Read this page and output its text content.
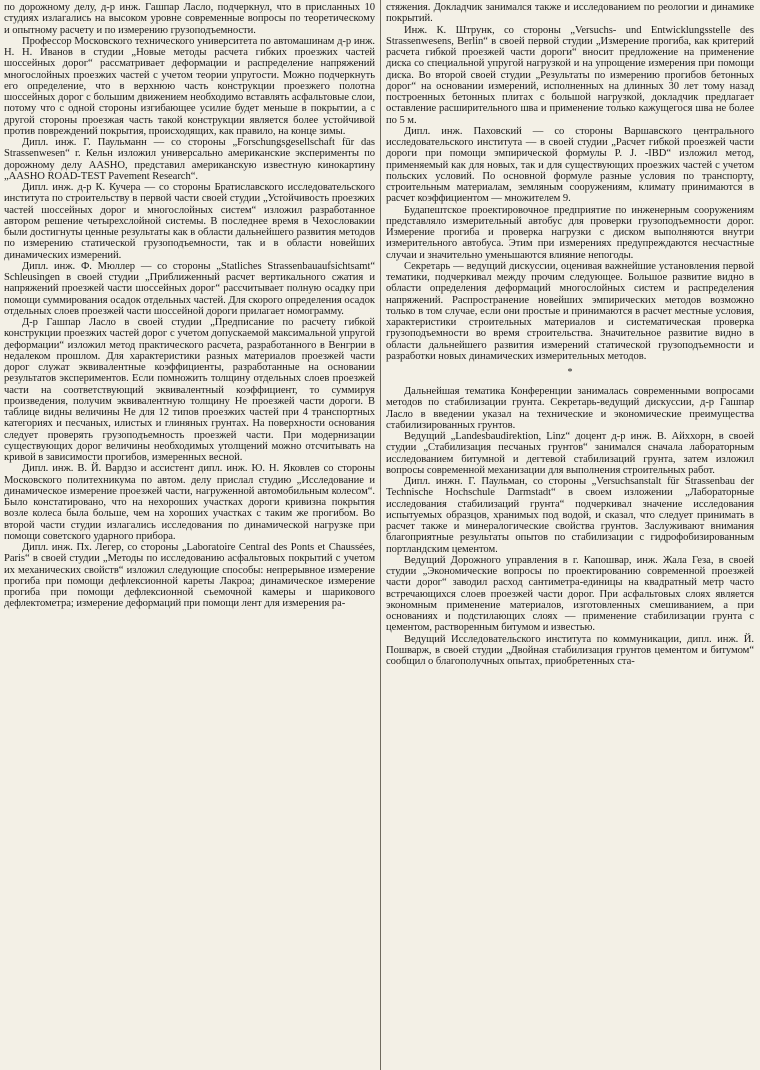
по дорожному делу, д-р инж. Гашпар Ласло, подчеркнул, что в присланных 10 студиях излагались на высоком уровне современные вопросы по теоретическому и опытному расчету и по измерению грузоподъемности.

Профессор Московского технического университета по автомашинам д-р инж. Н. Н. Иванов в студии „Новые методы расчета гибких проезжих частей шоссейных дорог“ рассматривает деформации и распределение напряжений многослойных проезжих частей с учетом теории упругости. Можно подчеркнуть его определение, что в верхнюю часть конструкции проезжего полотна шоссейных дорог с большим движением необходимо вставлять асфальтовые слои, потому что с одной стороны изгибающее усилие будет меньше в покрытии, а с другой стороны проезжая часть такой конструкции является более устойчивой против повреждений покрытия, происходящих, как правило, на конце зимы.

Дипл. инж. Г. Паульманн — со стороны „Forschungsgesellschaft für das Strassenwesen“ г. Кельн изложил универсально американские эксперименты по дорожному делу AASHO, представил американскую известную кинокартину „AASHO ROAD-TEST Pavement Research“.

Дипл. инж. д-р К. Кучера — со стороны Братиславского исследовательского института по строительству в первой части своей студии „Устойчивость проезжих частей шоссейных дорог и многослойных систем“ изложил разработанное автором решение четырехслойной системы. В последнее время в Чехословакии были достигнуты ценные результаты как в области дальнейшего развития методов по измерению статической грузоподъемности, так и в области новейших динамических измерений.

Дипл. инж. Ф. Мюллер — со стороны „Statliches Strassenbauaufsichtsamt“ Schleusingen в своей студии „Приближенный расчет вертикального сжатия и напряжений проезжей части шоссейных дорог“ рассчитывает полную осадку при помощи суммирования осадок отдельных частей. Для скорого определения осадок отдельных слоев проезжей части шоссейной дороги прилагает номограмму.

Д-р Гашпар Ласло в своей студии „Предписание по расчету гибкой конструкции проезжих частей дорог с учетом допускаемой максимальной упругой деформации“ изложил метод практического расчета, разработанного в Венгрии в недалеком прошлом. Для характеристики разных материалов проезжей части дорог служат эквивалентные коэффициенты, разработанные на основании результатов экспериментов. Если помножить толщину отдельных слоев проезжей части на соответствующий эквивалентный коэффициент, то суммируя произведения, получим эквивалентную толщину Не проезжей части дороги. В таблице видны величины Не для 12 типов проезжих частей при 4 транспортных категориях и песчаных, илистых и глиняных грунтах. На поверхности основания следует проверять грузоподъемность проезжей части. При модернизации существующих дорог величины необходимых утолщений можно отсчитывать на кривой в зависимости прогибов, измеренных весной.

Дипл. инж. В. Й. Вардзо и ассистент дипл. инж. Ю. Н. Яковлев со стороны Московского политехникума по автом. делу прислал студию „Исследование и динамическое измерение проезжей части, нагруженной автомобильным колесом“. Было констатировано, что на нехороших участках дороги кривизна покрытия возле колеса была больше, чем на хороших участках с таким же прогибом. Во второй части студии излагались исследования по динамической нагрузке при помощи советского ударного прибора.

Дипл. инж. Пх. Легер, со стороны „Laboratoire Central des Ponts et Chaussées, Paris“ в своей студии „Методы по исследованию асфальтовых покрытий с учетом их механических свойств“ изложил следующие способы: непрерывное измерение прогиба при помощи дефлексионной кареты Лакроа; динамическое измерение прогиба при помощи дефлексионной съемочной камеры и шарикового дефлектометра; измерение деформаций при помощи лент для измерения ра-

стяжения. Докладчик занимался также и исследованием по реологии и динамике покрытий.

Инж. К. Штрунк, со стороны „Versuchs- und Entwicklungsstelle des Strassenwesens, Berlin“ в своей первой студии „Измерение прогиба, как критерий расчета гибкой проезжей части дороги“ вносит предложение на применение диска со специальной упругой нагрузкой и на упрощение измерения при помощи диска. Во второй своей студии „Результаты по измерению прогибов бетонных дорог“ на основании измерений, исполненных на длинных 30 лет тому назад построенных бетонных плитах с большой нагрузкой, докладчик предлагает оставление расширительного шва и применение только кажущегося шва не более по 5 м.

Дипл. инж. Паховский — со стороны Варшавского центрального исследовательского института — в своей студии „Расчет гибкой проезжей части дороги при помощи эмпирической формулы P. J. -IBD“ изложил метод, применяемый как для новых, так и для существующих проезжих частей с учетом польских условий. По основной формуле разные условия по транспорту, строительным материалам, земляным сооружениям, климату принимаются в расчет коэффициентом — множителем 9.

Будапештское проектировочное предприятие по инженерным сооружениям представляло измерительный автобус для проверки грузоподъемности дорог. Измерение прогиба и проверка нагрузки с диском выполняются внутри измерительного автобуса. Этим при измерениях предупреждаются несчастные случаи и значительно уменьшаются влияние непогоды.

Секретарь — ведущий дискуссии, оценивая важнейшие установления первой тематики, подчеркивал между прочим следующее. Большое развитие видно в области определения деформаций многослойных систем и распределения напряжений. Распространение новейших эмпирических методов возможно только в том случае, если они простые и принимаются в расчет местные условия, характеристики строительных материалов и систематическая проверка грузоподъемности во время строительства. Значительное развитие видно в области дальнейшего развития измерений статической грузоподъемности и разработки новых динамических измерительных методов.

*

Дальнейшая тематика Конференции занималась современными вопросами методов по стабилизации грунта. Секретарь-ведущий дискуссии, д-р Гашпар Ласло в введении указал на технические и экономические преимущества стабилизированных грунтов.

Ведущий „Landesbaudirektion, Linz“ доцент д-р инж. В. Айххорн, в своей студии „Стабилизация песчаных грунтов“ занимался сначала лабораторным исследованием битумной и дегтевой стабилизаций грунта, затем изложил вопросы современной механизации для выполнения строительных работ.

Дипл. инжн. Г. Паульман, со стороны „Versuchsanstalt für Strassenbau der Technische Hochschule Darmstadt“ в своем изложении „Лабораторные исследования стабилизаций грунта“ подчеркивал значение исследования испытуемых образцов, хранимых под водой, и сказал, что следует принимать в расчет также и минералогические свойства грунтов. Заслуживают внимания благоприятные результаты опытов по стабилизации с гидрофобизированным портландским цементом.

Ведущий Дорожного управления в г. Капошвар, инж. Жала Геза, в своей студии „Экономические вопросы по проектированию современной проезжей части дорог“ заводил расход сантиметра-единицы на квадратный метр часто встречающихся слоев проезжей части дорог. При асфальтовых слоях является экономным применение материалов, изготовленных смешиванием, а при основаниях и подстилающих слоях — применение стабилизации грунта с цементом, растворенным битумом и известью.

Ведущий Исследовательского института по коммуникации, дипл. инж. Й. Пошварж, в своей студии „Двойная стабилизация грунтов цементом и битумом“ сообщил о благополучных опытах, приобретенных ста-
